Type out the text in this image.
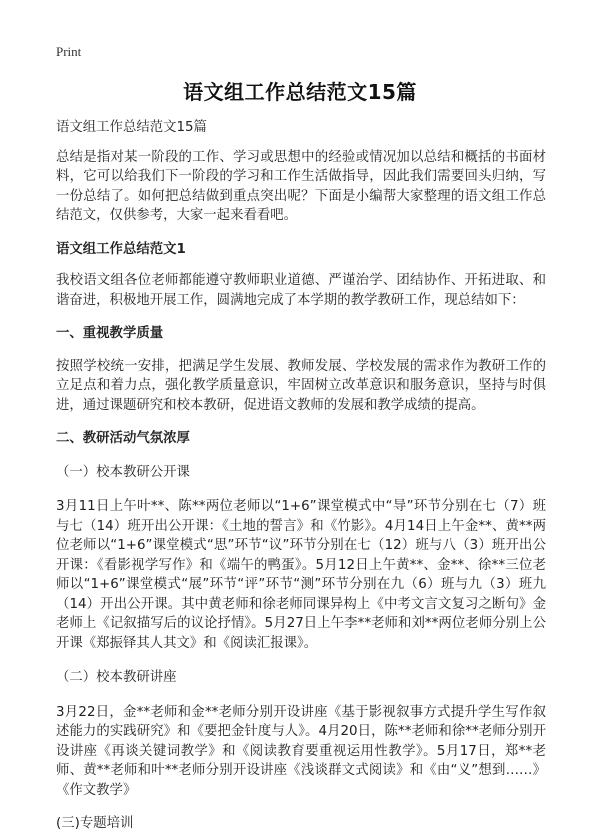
Print
语文组工作总结范文15篇

语文组工作总结范文15篇

总结是指对某一阶段的工作、学习或思想中的经验或情况加以总结和概括的书面材料，它可以给我们下一阶段的学习和工作生活做指导，因此我们需要回头归纳，写一份总结了。如何把总结做到重点突出呢？下面是小编帮大家整理的语文组工作总结范文，仅供参考，大家一起来看看吧。

语文组工作总结范文1

我校语文组各位老师都能遵守教师职业道德、严谨治学、团结协作、开拓进取、和谐奋进，积极地开展工作，圆满地完成了本学期的教学教研工作，现总结如下：

一、重视教学质量

按照学校统一安排，把满足学生发展、教师发展、学校发展的需求作为教研工作的立足点和着力点，强化教学质量意识，牢固树立改革意识和服务意识，坚持与时俱进，通过课题研究和校本教研，促进语文教师的发展和教学成绩的提高。

二、教研活动气氛浓厚

（一）校本教研公开课

3月11日上午叶**、陈**两位老师以“1+6”课堂模式中“导”环节分别在七（7）班与七（14）班开出公开课：《土地的誓言》和《竹影》。4月14日上午金**、黄**两位老师以“1+6”课堂模式“思”环节“议”环节分别在七（12）班与八（3）班开出公开课：《看影视学写作》和《端午的鸭蛋》。5月12日上午黄**、金**、徐**三位老师以“1+6”课堂模式“展”环节“评”环节“测”环节分别在九（6）班与九（3）班九（14）开出公开课。其中黄老师和徐老师同课异构上《中考文言文复习之断句》金老师上《记叙描写后的议论抒情》。5月27日上午李**老师和刘**两位老师分别上公开课《郑振铎其人其文》和《阅读汇报课》。

（二）校本教研讲座

3月22日，金**老师和金**老师分别开设讲座《基于影视叙事方式提升学生写作叙述能力的实践研究》和《要把金针度与人》。4月20日，陈**老师和徐**老师分别开设讲座《再谈关键词教学》和《阅读教育要重视运用性教学》。5月17日，郑**老师、黄**老师和叶**老师分别开设讲座《浅谈群文式阅读》和《由“义”想到……》《作文教学》

(三)专题培训
